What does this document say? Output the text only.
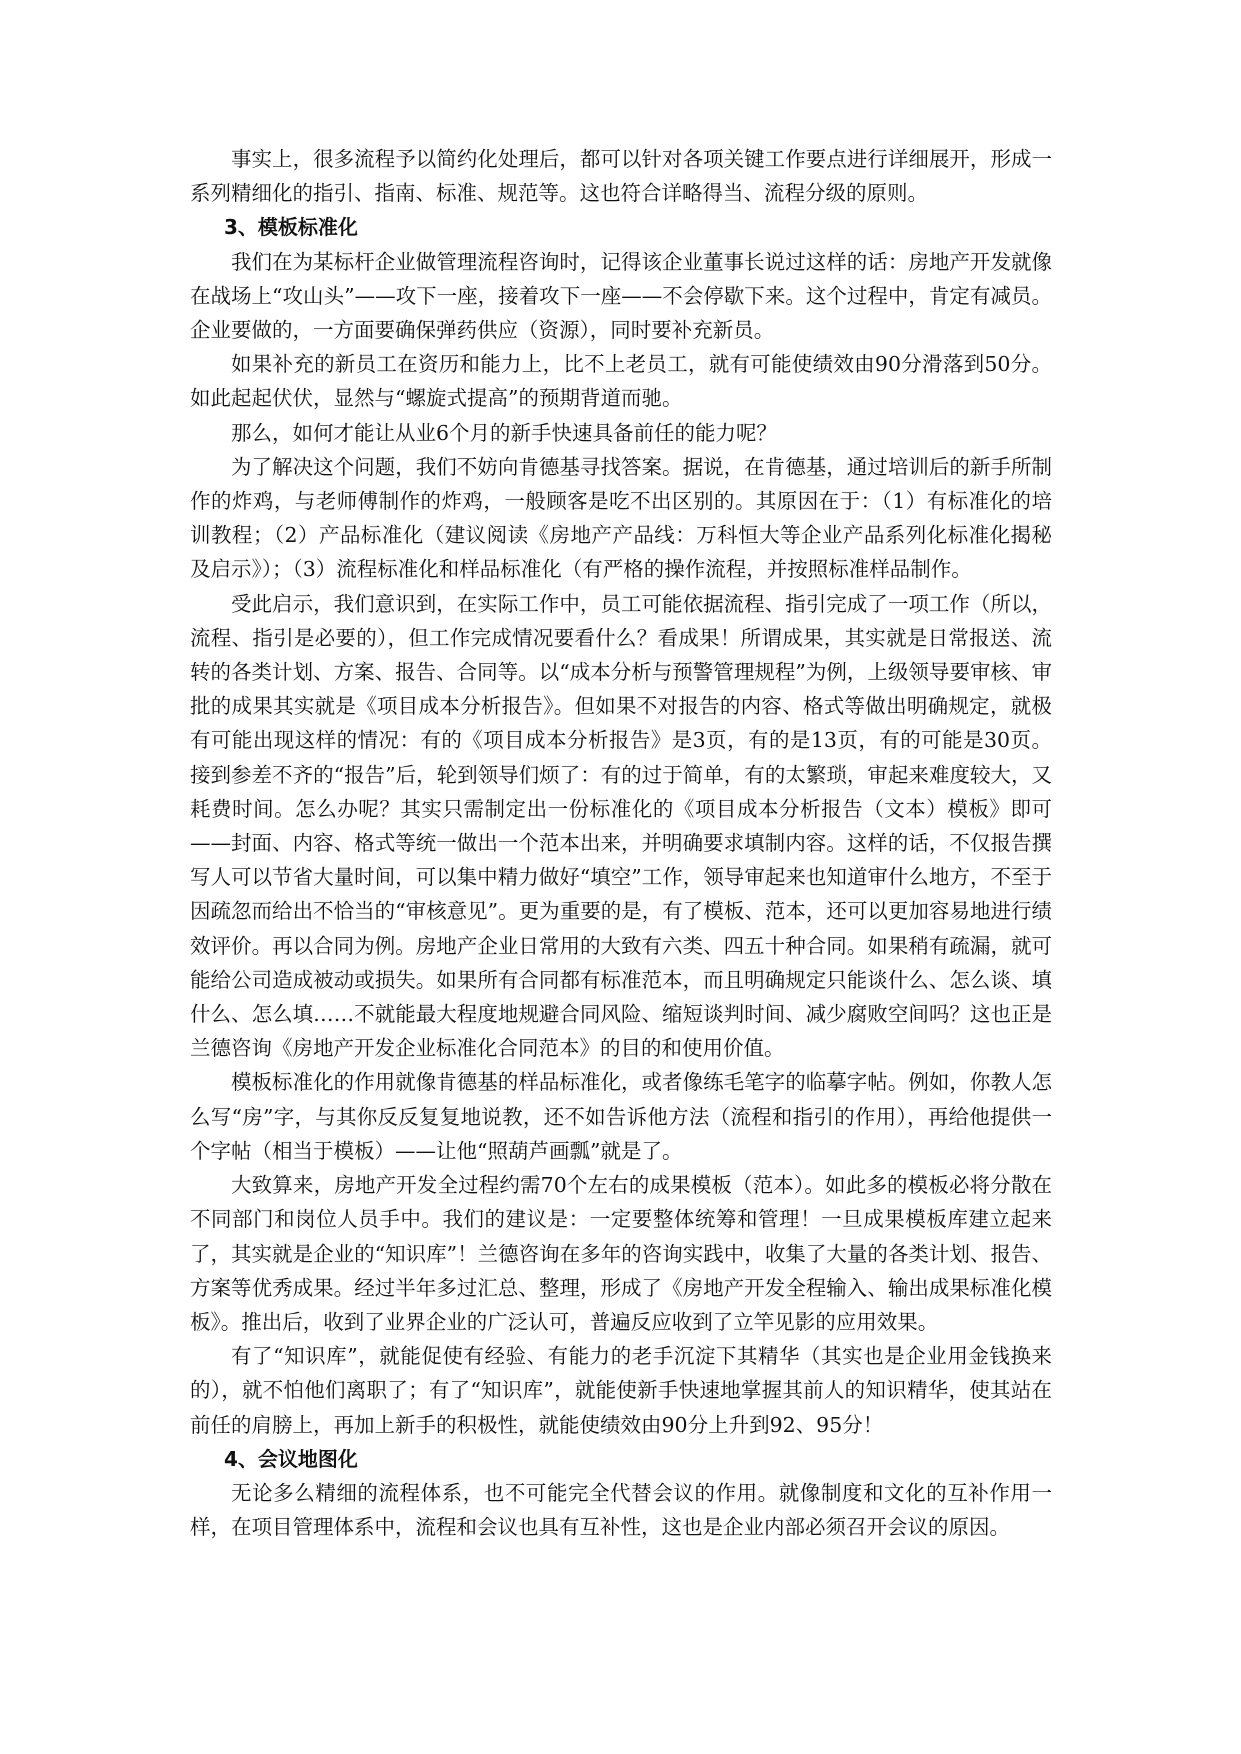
事实上，很多流程予以简约化处理后，都可以针对各项关键工作要点进行详细展开，形成一系列精细化的指引、指南、标准、规范等。这也符合详略得当、流程分级的原则。

3、模板标准化

我们在为某标杆企业做管理流程咨询时，记得该企业董事长说过这样的话：房地产开发就像在战场上“攻山头”——攻下一座，接着攻下一座——不会停歇下来。这个过程中，肯定有减员。企业要做的，一方面要确保弹药供应（资源），同时要补充新员。

如果补充的新员工在资历和能力上，比不上老员工，就有可能使绩效由90分滑落到50分。如此起起伏伏，显然与“螺旋式提高”的预期背道而驰。

那么，如何才能让从业6个月的新手快速具备前任的能力呢？

为了解决这个问题，我们不妨向肯德基寻找答案。据说，在肯德基，通过培训后的新手所制作的炸鸡，与老师傅制作的炸鸡，一般顾客是吃不出区别的。其原因在于：（1）有标准化的培训教程；（2）产品标准化（建议阅读《房地产产品线：万科恒大等企业产品系列化标准化揭秘及启示》）；（3）流程标准化和样品标准化（有严格的操作流程，并按照标准样品制作。

受此启示，我们意识到，在实际工作中，员工可能依据流程、指引完成了一项工作（所以，流程、指引是必要的），但工作完成情况要看什么？看成果！所谓成果，其实就是日常报送、流转的各类计划、方案、报告、合同等。以“成本分析与预警管理规程”为例，上级领导要审核、审批的成果其实就是《项目成本分析报告》。但如果不对报告的内容、格式等做出明确规定，就极有可能出现这样的情况：有的《项目成本分析报告》是3页，有的是13页，有的可能是30页。接到参差不齐的“报告”后，轮到领导们烦了：有的过于简单，有的太繁琐，审起来难度较大，又耗费时间。怎么办呢？其实只需制定出一份标准化的《项目成本分析报告（文本）模板》即可——封面、内容、格式等统一做出一个范本出来，并明确要求填制内容。这样的话，不仅报告撰写人可以节省大量时间，可以集中精力做好“填空”工作，领导审起来也知道审什么地方，不至于因疏忽而给出不恰当的“审核意见”。更为重要的是，有了模板、范本，还可以更加容易地进行绩效评价。再以合同为例。房地产企业日常用的大致有六类、四五十种合同。如果稍有疏漏，就可能给公司造成被动或损失。如果所有合同都有标准范本，而且明确规定只能谈什么、怎么谈、填什么、怎么填……不就能最大程度地规避合同风险、缩短谈判时间、减少腐败空间吗？这也正是兰德咨询《房地产开发企业标准化合同范本》的目的和使用价值。

模板标准化的作用就像肯德基的样品标准化，或者像练毛笔字的临摹字帖。例如，你教人怎么写“房”字，与其你反反复复地说教，还不如告诉他方法（流程和指引的作用），再给他提供一个字帖（相当于模板）——让他“照葫芦画瓢”就是了。

大致算来，房地产开发全过程约需70个左右的成果模板（范本）。如此多的模板必将分散在不同部门和岗位人员手中。我们的建议是：一定要整体统筹和管理！一旦成果模板库建立起来了，其实就是企业的“知识库”！兰德咨询在多年的咨询实践中，收集了大量的各类计划、报告、方案等优秀成果。经过半年多过汇总、整理，形成了《房地产开发全程输入、输出成果标准化模板》。推出后，收到了业界企业的广泛认可，普遍反应收到了立竿见影的应用效果。

有了“知识库”，就能促使有经验、有能力的老手沉淀下其精华（其实也是企业用金钱换来的），就不怕他们离职了；有了“知识库”，就能使新手快速地掌握其前人的知识精华，使其站在前任的肩膀上，再加上新手的积极性，就能使绩效由90分上升到92、95分！

4、会议地图化

无论多么精细的流程体系，也不可能完全代替会议的作用。就像制度和文化的互补作用一样，在项目管理体系中，流程和会议也具有互补性，这也是企业内部必须召开会议的原因。
